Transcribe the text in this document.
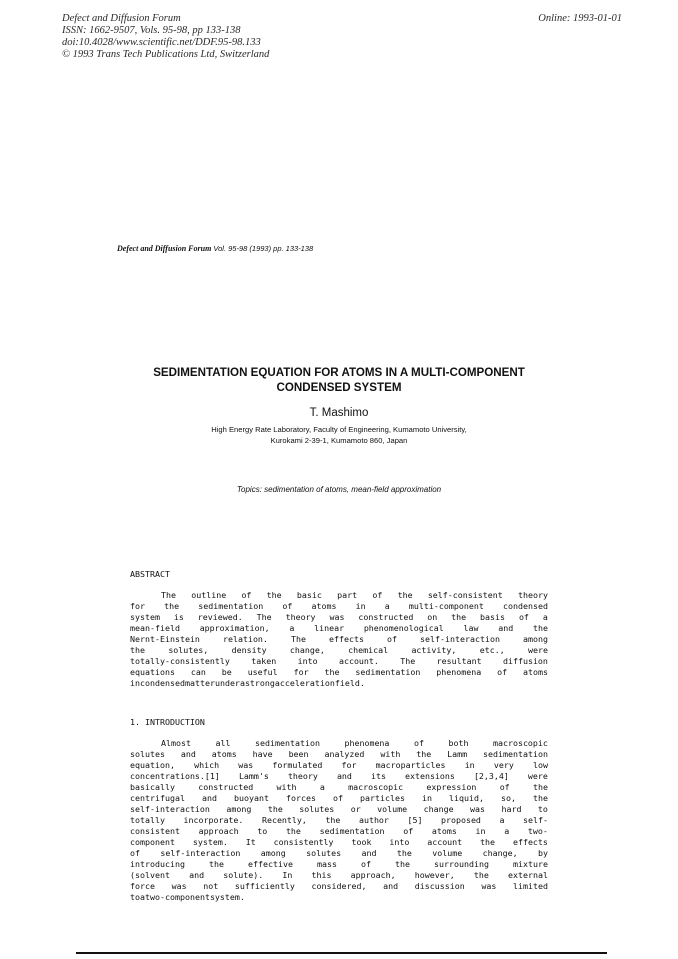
Defect and Diffusion Forum
ISSN: 1662-9507, Vols. 95-98, pp 133-138
doi:10.4028/www.scientific.net/DDF.95-98.133
© 1993 Trans Tech Publications Ltd, Switzerland
Online: 1993-01-01
Defect and Diffusion Forum Vol. 95-98 (1993) pp. 133-138
SEDIMENTATION EQUATION FOR ATOMS IN A MULTI-COMPONENT
CONDENSED SYSTEM
T. Mashimo
High Energy Rate Laboratory, Faculty of Engineering, Kumamoto University,
Kurokami 2-39-1, Kumamoto 860, Japan
Topics: sedimentation of atoms, mean-field approximation
ABSTRACT
The outline of the basic part of the self-consistent theory
for the sedimentation of atoms in a multi-component condensed
system is reviewed. The theory was constructed on the basis of a
mean-field approximation, a linear phenomenological law and the
Nernt-Einstein	relation.	The	effects	of	self-interaction	among
the	solutes,	density	change,	chemical	activity,	etc.,	were
totally-consistently	taken	into	account.	The	resultant	diffusion
equations can be useful for the sedimentation phenomena of atoms
in condensed matter under a strong acceleration field.
1. INTRODUCTION
Almost	all	sedimentation	phenomena	of	both	macroscopic
solutes and atoms have been analyzed with the Lamm sedimentation
equation, which was formulated for macroparticles in very low
concentrations.[1] Lamm's theory and its extensions [2,3,4] were
basically	constructed	with	a	macroscopic	expression	of	the
centrifugal and buoyant forces of particles in liquid, so, the
self-interaction among the solutes or volume change was hard to
totally incorporate. Recently, the author [5] proposed a self-
consistent approach to the sedimentation of atoms in a two-
component system. It consistently took into account the effects
of self-interaction among solutes and the volume change, by
introducing	the	effective	mass	of	the	surrounding	mixture
(solvent and solute). In this approach, however, the external
force was not sufficiently considered, and discussion was limited
to a two-component system.
